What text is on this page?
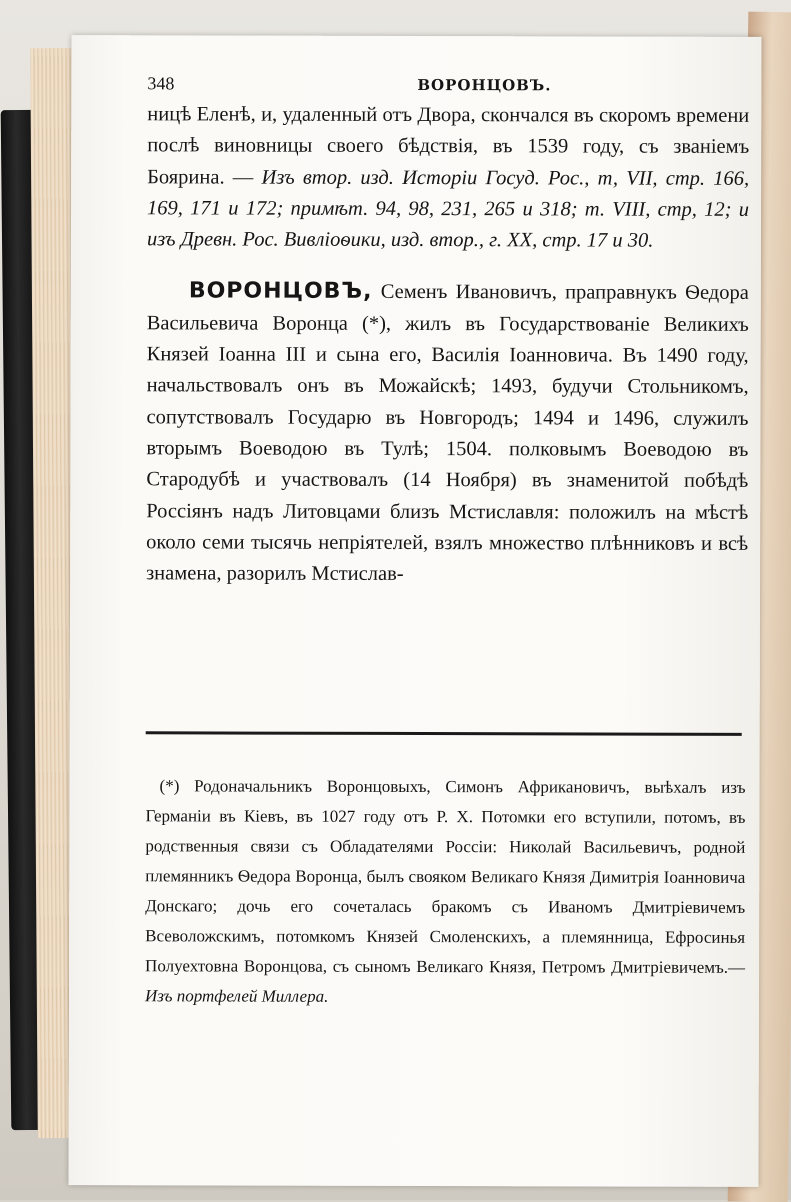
348	ВОРОНЦОВЪ.

ницѣ Еленѣ, и, удаленный отъ Двора, скончался въ скоромъ времени послѣ виновницы своего бѣдствія, въ 1539 году, съ званіемъ Боярина. — Изъ втор. изд. Исторіи Госуд. Рос., т, VII, стр. 166, 169, 171 и 172; примѣт. 94, 98, 231, 265 и 318; т. VIII, стр, 12; и изъ Древн. Рос. Вивліоѳики, изд. втор., г. XX, стр. 17 и 30.

ВОРОНЦОВЪ, Семенъ Ивановичъ, праправнукъ Ѳедора Васильевича Воронца (*), жилъ въ Государствованіе Великихъ Князей Іоанна III и сына его, Василія Іоанновича. Въ 1490 году, начальствовалъ онъ въ Можайскѣ; 1493, будучи Стольникомъ, сопутствовалъ Государю въ Новгородъ; 1494 и 1496, служилъ вторымъ Воеводою въ Тулѣ; 1504. полковымъ Воеводою въ Стародубѣ и участвовалъ (14 Ноября) въ знаменитой побѣдѣ Россіянъ надъ Литовцами близъ Мстиславля: положилъ на мѣстѣ около семи тысячь непріятелей, взялъ множество плѣнниковъ и всѣ знамена, разорилъ Мстислав-

(*) Родоначальникъ Воронцовыхъ, Симонъ Африкановичъ, выѣхалъ изъ Германіи въ Кіевъ, въ 1027 году отъ Р. Х. Потомки его вступили, потомъ, въ родственныя связи съ Обладателями Россіи: Николай Васильевичъ, родной племянникъ Ѳедора Воронца, былъ свояком Великаго Князя Димитрія Іоанновича Донскаго; дочь его сочеталась бракомъ съ Иваномъ Дмитріевичемъ Всеволожскимъ, потомкомъ Князей Смоленскихъ, а племянница, Ефросинья Полуехтовна Воронцова, съ сыномъ Великаго Князя, Петромъ Дмитріевичемъ.— Изъ портфелей Миллера.
